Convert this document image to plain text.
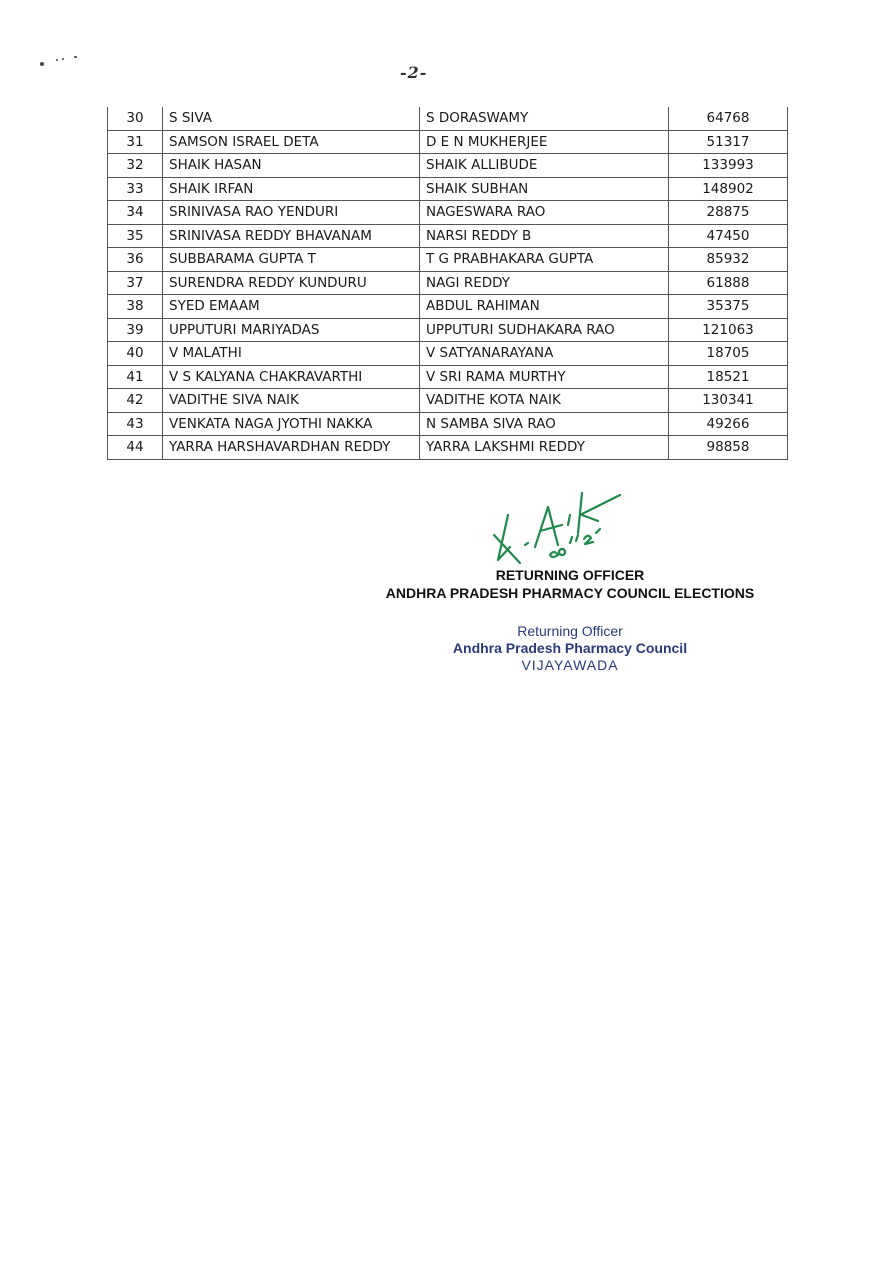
-2-
30	S SIVA	S DORASWAMY	64768
31	SAMSON ISRAEL DETA	D E N MUKHERJEE	51317
32	SHAIK HASAN	SHAIK ALLIBUDE	133993
33	SHAIK IRFAN	SHAIK SUBHAN	148902
34	SRINIVASA RAO YENDURI	NAGESWARA RAO	28875
35	SRINIVASA REDDY BHAVANAM	NARSI REDDY B	47450
36	SUBBARAMA GUPTA T	T G PRABHAKARA GUPTA	85932
37	SURENDRA REDDY KUNDURU	NAGI REDDY	61888
38	SYED EMAAM	ABDUL RAHIMAN	35375
39	UPPUTURI MARIYADAS	UPPUTURI SUDHAKARA RAO	121063
40	V MALATHI	V SATYANARAYANA	18705
41	V S KALYANA CHAKRAVARTHI	V SRI RAMA MURTHY	18521
42	VADITHE SIVA NAIK	VADITHE KOTA NAIK	130341
43	VENKATA NAGA JYOTHI NAKKA	N SAMBA SIVA RAO	49266
44	YARRA HARSHAVARDHAN REDDY	YARRA LAKSHMI REDDY	98858
RETURNING OFFICER
ANDHRA PRADESH PHARMACY COUNCIL ELECTIONS
Returning Officer
Andhra Pradesh Pharmacy Council
VIJAYAWADA
